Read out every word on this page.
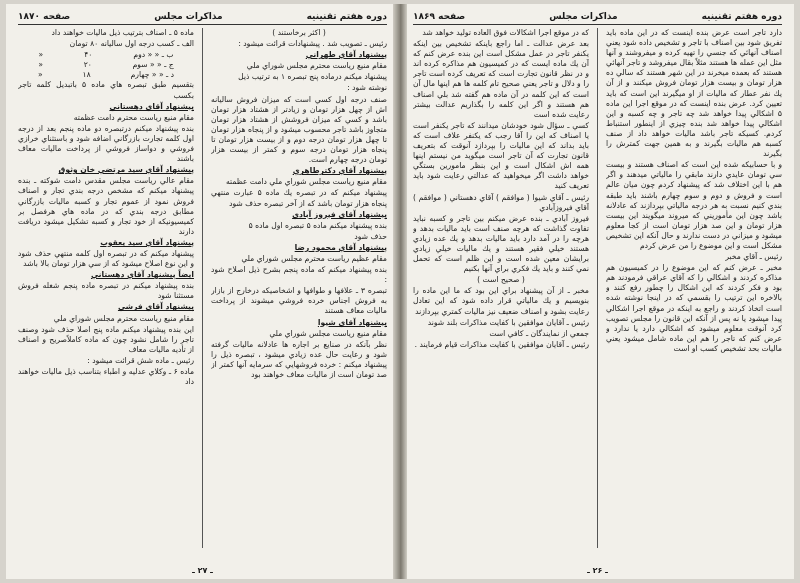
دوره هفتم تقنينيه
مذاكرات مجلس
صفحه ۱۸۷۰

( اكثر برخاستند )

رئيس ـ تصويب شد . پيشنهادات قرائت ميشود :

پيشنهاد آقاي طهراني

مقام منيع رياست محترم مجلس شوراي ملي

پيشنهاد ميكنم درماده پنج تبصره ۱ به ترتيب ذيل

نوشته شود :

صنف درجه اول كسي است كه ميزان فروش ساليانه اش از چهل هزار تومان و زيادتر از هشتاد هزار تومان باشد و كسي كه ميزان فروشش از هشتاد هزار تومان متجاوز باشد تاجر محسوب ميشود و از پنجاه هزار تومان تا چهل هزار تومان درجه دوم و از بيست هزار تومان تا پنجاه هزار تومان درجه سوم و كمتر از بيست هزار تومان درجه چهارم است.

پيشنهاد آقاي دكترطاهري

مقام منيع رياست مجلس شوراي ملي دامت عظمته

پيشنهاد ميكنم كه در تبصره يك ماده ۵ عبارت منتهي پنجاه هزار تومان باشد كه از آخر تبصره حذف شود

پيشنهاد آقاي فيروز آبادي

بنده پيشنهاد ميكنم ماده ۵ تبصره اول ماده ۵

حذف شود

پيشنهاد آقاي محمود رضا

مقام عظيم رياست محترم مجلس شوراي ملي

بنده پيشنهاد ميكنم كه ماده پنجم بشرح ذيل اصلاح شود :

تبصره ۳ ـ علافها و طوافها و اشخاصيكه درخارج از بازار به فروش اجناس خرده فروشي ميشوند از پرداخت ماليات معاف هستند

پيشنهاد آقاي شيوا

مقام منيع رياست مجلس شوراي ملي

نظر بآنكه در صنايع بر اجاره ها عادلانه ماليات گرفته شود و رعايت حال عده زيادي ميشود ، تبصره ذيل را پيشنهاد ميكنم : خرده فروشهايي كه سرمايه آنها كمتر از صد تومان است از ماليات معاف خواهند بود

ماده ۵ ـ اصناف بترتيب ذيل ماليات خواهند داد

الف ـ كسب درجه اول ساليانه ۸۰ تومان

ب ـ « « دوم
۴۰
«
ج ـ « « سوم
۲۰
«
د ـ « « چهارم
۱۸
«

بتقسيم طبق تبصره هاي ماده ۵ باتبديل كلمه تاجر بكسب

پيشنهاد آقاي دهستاني

مقام منيع رياست محترم دامت عظمته

بنده پيشنهاد ميكنم درتبصره دو ماده پنجم بعد از درجه اول كلمه تجارت بازرگاني اضافه شود و باستثناي خرازي فروشي و دواساز فروشي از پرداخت ماليات معاف باشند

پيشنهاد آقاي سيد مرتضي خان وثوق

مقام عالي رياست مجلس مقدس دامت شوكته ـ بنده پيشنهاد ميكنم كه مشخص درجه بندي تجار و اصناف فروش نمود از عموم تجار و كسبه ماليات بازرگاني مطابق درجه بندي كه در ماده هاي هرفصل بر كميسيونيكه از خود تجار و كسبه تشكيل ميشود دريافت دارند

پيشنهاد آقاي سيد يعقوب

پيشنهاد ميكنم كه در تبصره اول كلمه منتهي حذف شود و اين نوع اصلاح ميشود كه از سي هزار تومان بالا باشد

ايضاً پيشنهاد آقاي دهستاني

بنده پيشنهاد ميكنم در تبصره ماده پنجم شغله فروش مستثنا شود

پيشنهاد آقاي فرشي

مقام منيع رياست محترم مجلس شوراي ملي

اين بنده پيشنهاد ميكنم ماده پنج اصلا حذف شود وصنف تاجر را شامل نشود چون كه ماده كاملاًصريح و اصناف از تأديه ماليات معاف

رئيس ـ ماده شش قرائت ميشود :

ماده ۶ ـ وكلاي عدليه و اطباء بتناسب ذيل ماليات خواهند داد

ـ ۲۷ ـ
دوره هفتم تقنينيه
مذاكرات مجلس
صفحه ۱۸۶۹

دارد تاجر است عرض بنده اينست كه در اين ماده بايد تفريق شود بين اصناف با تاجر و تشخيص داده شود يعني اصناف آنهائي كه جنسي را تهيه كرده و ميفروشند و آنها مثل اين عمله ها هستند مثلاً بقال ميفروشد و تاجر آنهائي هستند كه بعمده ميخرند در اين شهر هستند كه سالي ده هزار تومان و بيست هزار تومان فروش ميكنند و از آن يك نفر عطار كه ماليات از او ميگيرند اين است كه بايد تعيين كرد. عرض بنده اينست كه در موقع اجرا اين ماده ۵ اشكالي پيدا خواهد شد چه تاجر و چه كسبه و اين اشكالي پيدا خواهد شد بنده چيزي از اينطور استنباط كردم. كسيكه تاجر باشد ماليات خواهد داد از صنف كسبه هم ماليات بگيرند و به همين جهت كمترش را بگيرند

و با حسابيكه شده اين است كه اصناف هستند و بيست سي تومان عايدي دارند مابقي را مالياتي ميدهند و اگر هم با اين اختلاف شد كه پيشنهاد كردم چون ميان عالم است و فروش و دوم و سوم چهارم باشند بايد طبقه بندي كنيم نسبت به هر درجه مالياتي بپردازند كه عادلانه باشد چون اين مأموريني كه ميروند ميگويند اين بيست هزار تومان و اين صد هزار تومان است از كجا معلوم ميشود و ميزاني در دست ندارند و حال آنكه اين تشخيص مشكل است و اين موضوع را من عرض كردم

رئيس ـ آقاي مخبر

مخبر ـ عرض كنم كه اين موضوع را در كميسيون هم مذاكره كردند و اشكالي را كه آقاي عراقي فرمودند هم بود و فكر كردند كه اين اشكال را چطور رفع كنند و بالاخره اين ترتيب را بقسمي كه در اينجا نوشته شده است اتخاذ كردند و راجع به اينكه در موقع اجرا اشكالي پيدا ميشود يا نه پس از آنكه اين قانون را مجلس تصويب كرد آنوقت معلوم ميشود كه اشكالي دارد يا ندارد و عرض كنم كه تاجر را هم اين ماده شامل ميشود يعني ماليات بحد تشخيص كسب او است

كه در موقع اجرا اشكالات فوق العاده توليد خواهد شد

بعد عرض عدالت ـ اما راجع باينكه تشخيص بين اينكه يكنفر تاجر در عمل مشكل است اين بنده عرض كنم كه آن يك ماده ايست كه در كميسيون هم مذاكره كرده اند و در نظر قانون تجارت است كه تعريف كرده است تاجر را و دلال و تاجر يعني صحيح تام كلمه ها هم اينها مال آن است كه اين كلمه در آن ماده هم گفته شد بلي اصناف هم هستند و اگر اين كلمه را بگذاريم عدالت بيشتر رعايت شده است

كسي ـ سؤال شود خودشان ميدانند كه تاجر يكنفر است يا اصناف كه اين را آقا رجب كه يكنفر علاف است كه بايد بداند كه اين ماليات را بپردازد آنوقت كه بتعريف قانون تجارت كه آن تاجر است ميگويد من نيستم اينها همه اش اشكال است و اين بنظر مامورين بستگي خواهد داشت اگر ميخواهيد كه عدالتي رعايت شود بايد تعريف كنيد

رئيس ـ آقاي شيوا ( موافقم ) آقاي دهستاني ( موافقم ) آقاي فيروزآبادي

فيروز آبادي ـ بنده عرض ميكنم بين تاجر و كسبه نبايد تفاوت گذاشت كه هرچه صنف است بايد ماليات بدهد و هرچه را در آمد دارد بايد ماليات بدهد و يك عده زيادي هستند خيلي فقير هستند و يك ماليات خيلي زيادي برايشان معين شده است و اين ظلم است كه تحمل نمي كنند و بايد يك فكري براي آنها بكنيم

( صحيح است )

مخبر ـ از آن پيشنهاد براي اين بود كه ما اين ماده را بنويسيم و يك مالياتي قرار داده شود كه اين تعادل رعايت بشود و اصناف ضعيف نيز ماليات كمتري بپردازند

رئيس ـ آقايان موافقين با كفايت مذاكرات بلند شوند

جمعي از نمايندگان ـ كافي است

رئيس ـ آقايان موافقين با كفايت مذاكرات قيام فرمايند .

ـ ۲۶ ـ
